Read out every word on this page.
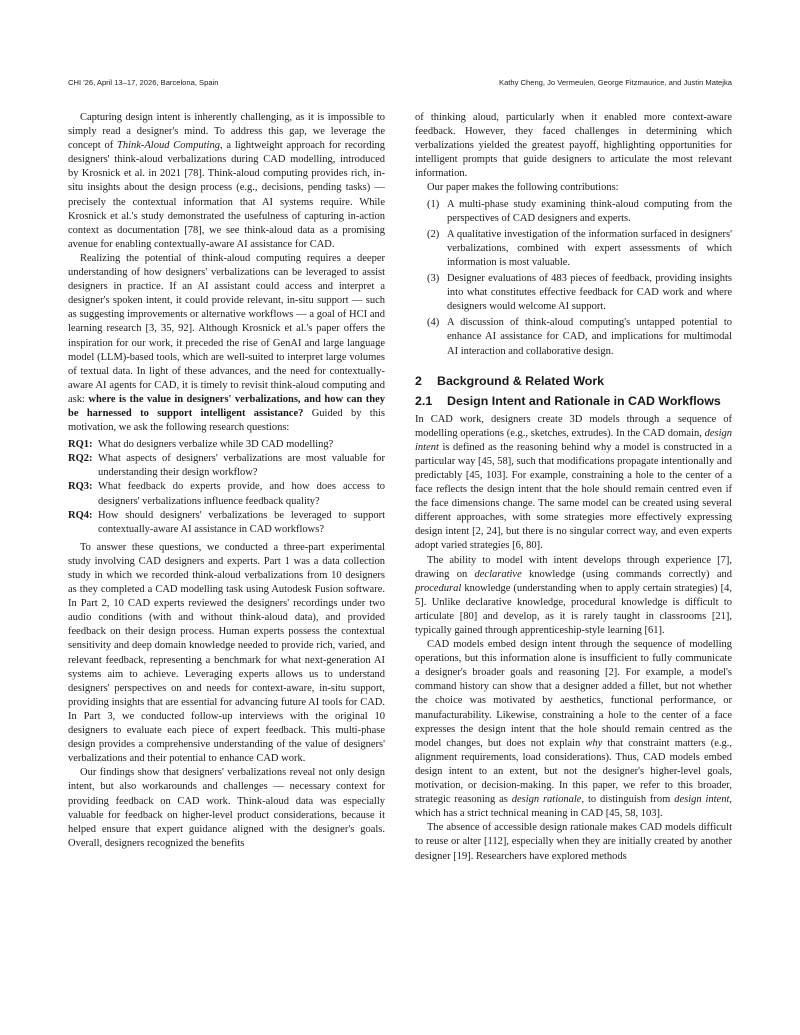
CHI '26, April 13–17, 2026, Barcelona, Spain	Kathy Cheng, Jo Vermeulen, George Fitzmaurice, and Justin Matejka

Capturing design intent is inherently challenging, as it is impossible to simply read a designer's mind. To address this gap, we leverage the concept of Think-Aloud Computing, a lightweight approach for recording designers' think-aloud verbalizations during CAD modelling, introduced by Krosnick et al. in 2021 [78]. Think-aloud computing provides rich, in-situ insights about the design process (e.g., decisions, pending tasks) — precisely the contextual information that AI systems require. While Krosnick et al.'s study demonstrated the usefulness of capturing in-action context as documentation [78], we see think-aloud data as a promising avenue for enabling contextually-aware AI assistance for CAD.

Realizing the potential of think-aloud computing requires a deeper understanding of how designers' verbalizations can be leveraged to assist designers in practice. If an AI assistant could access and interpret a designer's spoken intent, it could provide relevant, in-situ support — such as suggesting improvements or alternative workflows — a goal of HCI and learning research [3, 35, 92]. Although Krosnick et al.'s paper offers the inspiration for our work, it preceded the rise of GenAI and large language model (LLM)-based tools, which are well-suited to interpret large volumes of textual data. In light of these advances, and the need for contextually-aware AI agents for CAD, it is timely to revisit think-aloud computing and ask: where is the value in designers' verbalizations, and how can they be harnessed to support intelligent assistance? Guided by this motivation, we ask the following research questions:

RQ1: What do designers verbalize while 3D CAD modelling?
RQ2: What aspects of designers' verbalizations are most valuable for understanding their design workflow?
RQ3: What feedback do experts provide, and how does access to designers' verbalizations influence feedback quality?
RQ4: How should designers' verbalizations be leveraged to support contextually-aware AI assistance in CAD workflows?

To answer these questions, we conducted a three-part experimental study involving CAD designers and experts. Part 1 was a data collection study in which we recorded think-aloud verbalizations from 10 designers as they completed a CAD modelling task using Autodesk Fusion software. In Part 2, 10 CAD experts reviewed the designers' recordings under two audio conditions (with and without think-aloud data), and provided feedback on their design process. Human experts possess the contextual sensitivity and deep domain knowledge needed to provide rich, varied, and relevant feedback, representing a benchmark for what next-generation AI systems aim to achieve. Leveraging experts allows us to understand designers' perspectives on and needs for context-aware, in-situ support, providing insights that are essential for advancing future AI tools for CAD. In Part 3, we conducted follow-up interviews with the original 10 designers to evaluate each piece of expert feedback. This multi-phase design provides a comprehensive understanding of the value of designers' verbalizations and their potential to enhance CAD work.

Our findings show that designers' verbalizations reveal not only design intent, but also workarounds and challenges — necessary context for providing feedback on CAD work. Think-aloud data was especially valuable for feedback on higher-level product considerations, because it helped ensure that expert guidance aligned with the designer's goals. Overall, designers recognized the benefits

of thinking aloud, particularly when it enabled more context-aware feedback. However, they faced challenges in determining which verbalizations yielded the greatest payoff, highlighting opportunities for intelligent prompts that guide designers to articulate the most relevant information.

Our paper makes the following contributions:

(1) A multi-phase study examining think-aloud computing from the perspectives of CAD designers and experts.
(2) A qualitative investigation of the information surfaced in designers' verbalizations, combined with expert assessments of which information is most valuable.
(3) Designer evaluations of 483 pieces of feedback, providing insights into what constitutes effective feedback for CAD work and where designers would welcome AI support.
(4) A discussion of think-aloud computing's untapped potential to enhance AI assistance for CAD, and implications for multimodal AI interaction and collaborative design.
2 Background & Related Work
2.1 Design Intent and Rationale in CAD Workflows

In CAD work, designers create 3D models through a sequence of modelling operations (e.g., sketches, extrudes). In the CAD domain, design intent is defined as the reasoning behind why a model is constructed in a particular way [45, 58], such that modifications propagate intentionally and predictably [45, 103]. For example, constraining a hole to the center of a face reflects the design intent that the hole should remain centred even if the face dimensions change. The same model can be created using several different approaches, with some strategies more effectively expressing design intent [2, 24], but there is no singular correct way, and even experts adopt varied strategies [6, 80].

The ability to model with intent develops through experience [7], drawing on declarative knowledge (using commands correctly) and procedural knowledge (understanding when to apply certain strategies) [4, 5]. Unlike declarative knowledge, procedural knowledge is difficult to articulate [80] and develop, as it is rarely taught in classrooms [21], typically gained through apprenticeship-style learning [61].

CAD models embed design intent through the sequence of modelling operations, but this information alone is insufficient to fully communicate a designer's broader goals and reasoning [2]. For example, a model's command history can show that a designer added a fillet, but not whether the choice was motivated by aesthetics, functional performance, or manufacturability. Likewise, constraining a hole to the center of a face expresses the design intent that the hole should remain centred as the model changes, but does not explain why that constraint matters (e.g., alignment requirements, load considerations). Thus, CAD models embed design intent to an extent, but not the designer's higher-level goals, motivation, or decision-making. In this paper, we refer to this broader, strategic reasoning as design rationale, to distinguish from design intent, which has a strict technical meaning in CAD [45, 58, 103].

The absence of accessible design rationale makes CAD models difficult to reuse or alter [112], especially when they are initially created by another designer [19]. Researchers have explored methods
